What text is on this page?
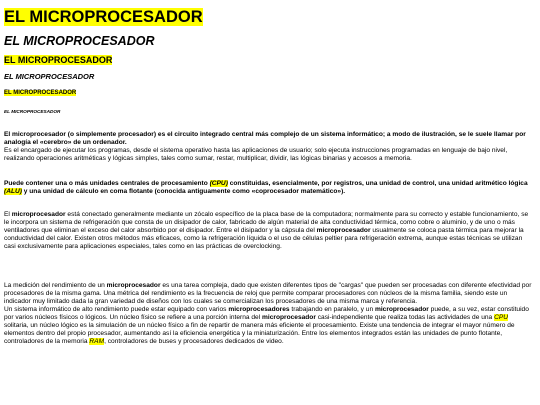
EL MICROPROCESADOR
EL MICROPROCESADOR
EL MICROPROCESADOR
EL MICROPROCESADOR
EL MICROPROCESADOR
EL MICROPROCESADOR

El microprocesador (o simplemente procesador) es el circuito integrado central más complejo de un sistema informático; a modo de ilustración, se le suele llamar por analogía el «cerebro» de un ordenador.

Es el encargado de ejecutar los programas, desde el sistema operativo hasta las aplicaciones de usuario; solo ejecuta instrucciones programadas en lenguaje de bajo nivel, realizando operaciones aritméticas y lógicas simples, tales como sumar, restar, multiplicar, dividir, las lógicas binarias y accesos a memoria.

Puede contener una o más unidades centrales de procesamiento (CPU) constituidas, esencialmente, por registros, una unidad de control, una unidad aritmético lógica (ALU) y una unidad de cálculo en coma flotante (conocida antiguamente como «coprocesador matemático»).

El microprocesador está conectado generalmente mediante un zócalo específico de la placa base de la computadora; normalmente para su correcto y estable funcionamiento, se le incorpora un sistema de refrigeración que consta de un disipador de calor, fabricado de algún material de alta conductividad térmica, como cobre o aluminio, y de uno o más ventiladores que eliminan el exceso del calor absorbido por el disipador. Entre el disipador y la cápsula del microprocesador usualmente se coloca pasta térmica para mejorar la conductividad del calor. Existen otros métodos más eficaces, como la refrigeración líquida o el uso de células peltier para refrigeración extrema, aunque estas técnicas se utilizan casi exclusivamente para aplicaciones especiales, tales como en las prácticas de overclocking.

La medición del rendimiento de un microprocesador es una tarea compleja, dado que existen diferentes tipos de "cargas" que pueden ser procesadas con diferente efectividad por procesadores de la misma gama. Una métrica del rendimiento es la frecuencia de reloj que permite comparar procesadores con núcleos de la misma familia, siendo este un indicador muy limitado dada la gran variedad de diseños con los cuales se comercializan los procesadores de una misma marca y referencia.

Un sistema informático de alto rendimiento puede estar equipado con varios microprocesadores trabajando en paralelo, y un microprocesador puede, a su vez, estar constituido por varios núcleos físicos o lógicos. Un núcleo físico se refiere a una porción interna del microprocesador casi-independiente que realiza todas las actividades de una CPU solitaria, un núcleo lógico es la simulación de un núcleo físico a fin de repartir de manera más eficiente el procesamiento. Existe una tendencia de integrar el mayor número de elementos dentro del propio procesador, aumentando así la eficiencia energética y la miniaturización. Entre los elementos integrados están las unidades de punto flotante, controladores de la memoria RAM, controladores de buses y procesadores dedicados de video.
